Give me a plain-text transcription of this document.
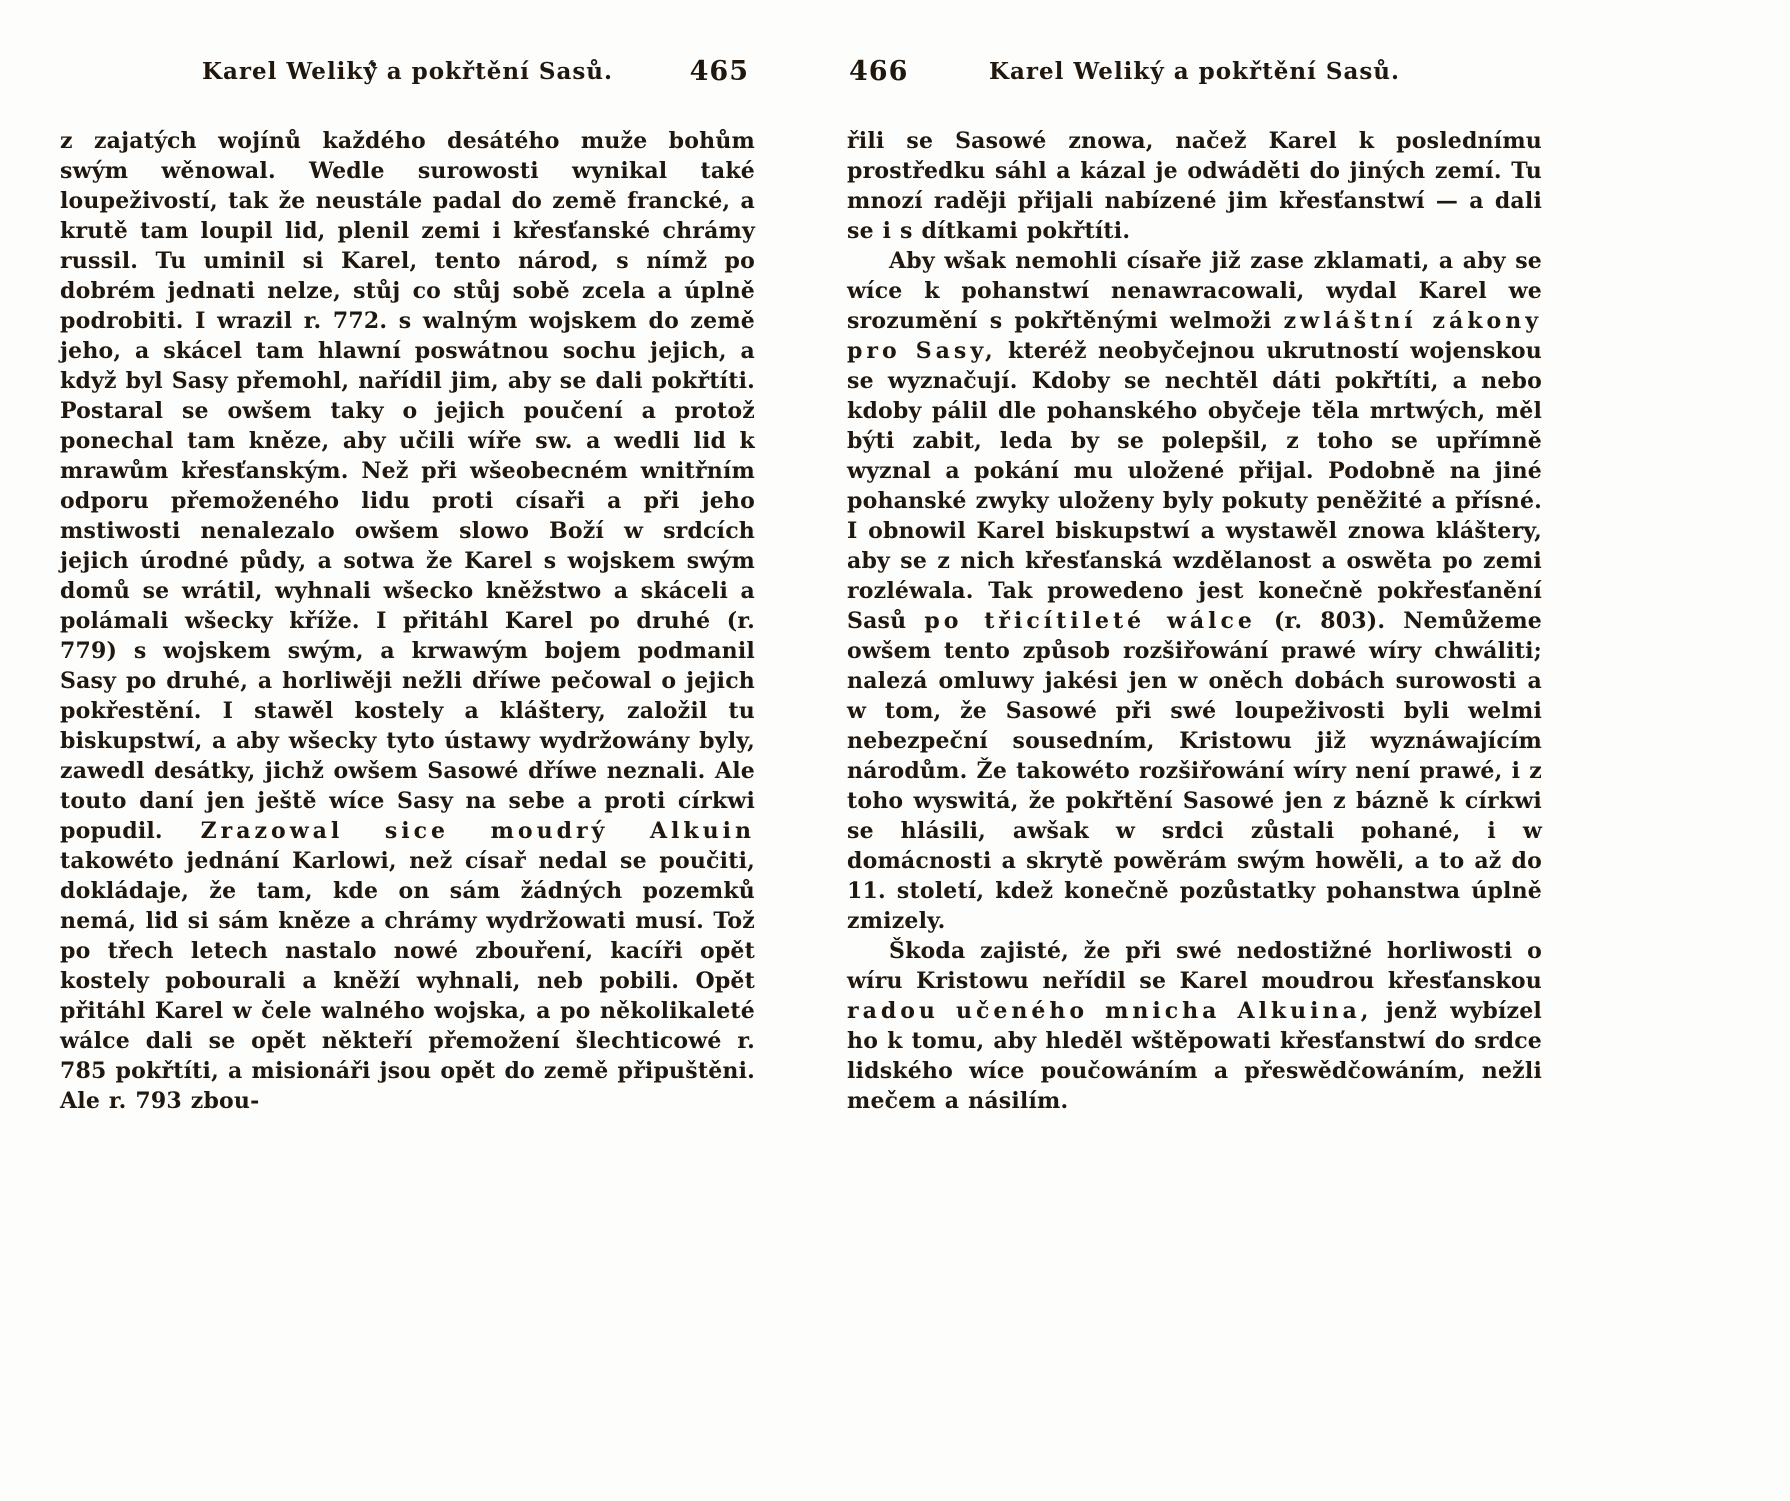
Karel Weliký a pokřtění Sasů.	465

z zajatých wojínů každého desátého muže bohům swým wěnowal. Wedle surowosti wynikal také loupeživostí, tak že neustále padal do země francké, a krutě tam loupil lid, plenil zemi i křesťanské chrámy russil. Tu uminil si Karel, tento národ, s nímž po dobrém jednati nelze, stůj co stůj sobě zcela a úplně podrobiti. I wrazil r. 772. s walným wojskem do země jeho, a skácel tam hlawní poswátnou sochu jejich, a když byl Sasy přemohl, nařídil jim, aby se dali pokřtíti. Postaral se owšem taky o jejich poučení a protož ponechal tam kněze, aby učili wíře sw. a wedli lid k mrawům křesťanským. Než při wšeobecném wnitřním odporu přemoženého lidu proti císaři a při jeho mstiwosti nenalezalo owšem slowo Boží w srdcích jejich úrodné půdy, a sotwa že Karel s wojskem swým domů se wrátil, wyhnali wšecko kněžstwo a skáceli a polámali wšecky kříže. I přitáhl Karel po druhé (r. 779) s wojskem swým, a krwawým bojem podmanil Sasy po druhé, a horliwěji nežli dříwe pečowal o jejich pokřestění. I stawěl kostely a kláštery, založil tu biskupstwí, a aby wšecky tyto ústawy wydržowány byly, zawedl desátky, jichž owšem Sasowé dříwe neznali. Ale touto daní jen ještě wíce Sasy na sebe a proti církwi popudil. Zrazowal sice moudrý Alkuin takowéto jednání Karlowi, než císař nedal se poučiti, dokládaje, že tam, kde on sám žádných pozemků nemá, lid si sám kněze a chrámy wydržowati musí. Tož po třech letech nastalo nowé zbouření, kacíři opět kostely pobourali a kněží wyhnali, neb pobili. Opět přitáhl Karel w čele walného wojska, a po několikaleté wálce dali se opět někteří přemožení šlechticowé r. 785 pokřtíti, a misionáři jsou opět do země připuštěni. Ale r. 793 zbou-

466	Karel Weliký a pokřtění Sasů.

řili se Sasowé znowa, načež Karel k poslednímu prostředku sáhl a kázal je odwáděti do jiných zemí. Tu mnozí raději přijali nabízené jim křesťanstwí — a dali se i s dítkami pokřtíti.

Aby wšak nemohli císaře již zase zklamati, a aby se wíce k pohanstwí nenawracowali, wydal Karel we srozumění s pokřtěnými welmoži zwláštní zákony pro Sasy, kteréž neobyčejnou ukrutností wojenskou se wyznačují. Kdoby se nechtěl dáti pokřtíti, a nebo kdoby pálil dle pohanského obyčeje těla mrtwých, měl býti zabit, leda by se polepšil, z toho se upřímně wyznal a pokání mu uložené přijal. Podobně na jiné pohanské zwyky uloženy byly pokuty peněžité a přísné. I obnowil Karel biskupstwí a wystawěl znowa kláštery, aby se z nich křesťanská wzdělanost a oswěta po zemi rozléwala. Tak prowedeno jest konečně pokřesťanění Sasů po třicítileté wálce (r. 803). Nemůžeme owšem tento způsob rozšiřowání prawé wíry chwáliti; nalezá omluwy jakési jen w oněch dobách surowosti a w tom, že Sasowé při swé loupeživosti byli welmi nebezpeční sousedním, Kristowu již wyznáwajícím národům. Že takowéto rozšiřowání wíry není prawé, i z toho wyswitá, že pokřtění Sasowé jen z bázně k církwi se hlásili, awšak w srdci zůstali pohané, i w domácnosti a skrytě powěrám swým howěli, a to až do 11. století, kdež konečně pozůstatky pohanstwa úplně zmizely.

Škoda zajisté, že při swé nedostižné horliwosti o wíru Kristowu neřídil se Karel moudrou křesťanskou radou učeného mnicha Alkuina, jenž wybízel ho k tomu, aby hleděl wštěpowati křesťanstwí do srdce lidského wíce poučowáním a přeswědčowáním, nežli mečem a násilím.
